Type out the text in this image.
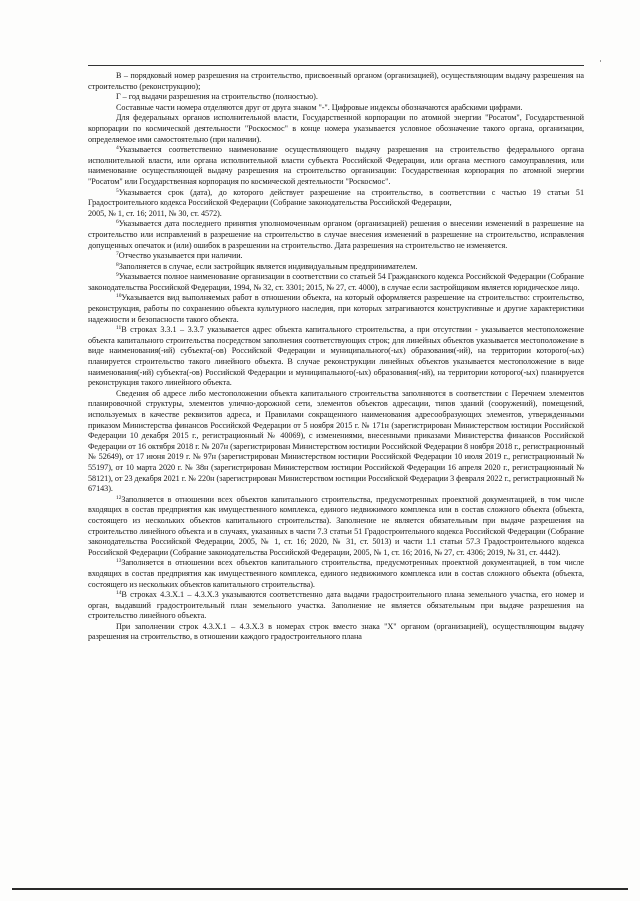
В – порядковый номер разрешения на строительство, присвоенный органом (организацией), осуществляющим выдачу разрешения на строительство (реконструкцию);

Г – год выдачи разрешения на строительство (полностью).

Составные части номера отделяются друг от друга знаком "-". Цифровые индексы обозначаются арабскими цифрами.

Для федеральных органов исполнительной власти, Государственной корпорации по атомной энергии "Росатом", Государственной корпорации по космической деятельности "Роскосмос" в конце номера указывается условное обозначение такого органа, организации, определяемое ими самостоятельно (при наличии).

$^4$Указывается соответственно наименование осуществляющего выдачу разрешения на строительство федерального органа исполнительной власти, или органа исполнительной власти субъекта Российской Федерации, или органа местного самоуправления, или наименование осуществляющей выдачу разрешения на строительство организации: Государственная корпорация по атомной энергии "Росатом" или Государственная корпорация по космической деятельности "Роскосмос".

$^5$Указывается срок (дата), до которого действует разрешение на строительство, в соответствии с частью 19 статьи 51 Градостроительного кодекса Российской Федерации (Собрание законодательства Российской Федерации,

2005, № 1, ст. 16; 2011, № 30, ст. 4572).

$^6$Указывается дата последнего принятия уполномоченным органом (организацией) решения о внесении изменений в разрешение на строительство или исправлений в разрешение на строительство в случае внесения изменений в разрешение на строительство, исправления допущенных опечаток и (или) ошибок в разрешении на строительство. Дата разрешения на строительство не изменяется.

$^7$Отчество указывается при наличии.

$^8$Заполняется в случае, если застройщик является индивидуальным предпринимателем.

$^9$Указывается полное наименование организации в соответствии со статьей 54 Гражданского кодекса Российской Федерации (Собрание законодательства Российской Федерации, 1994, № 32, ст. 3301; 2015, № 27, ст. 4000), в случае если застройщиком является юридическое лицо.

$^{10}$Указывается вид выполняемых работ в отношении объекта, на который оформляется разрешение на строительство: строительство, реконструкция, работы по сохранению объекта культурного наследия, при которых затрагиваются конструктивные и другие характеристики надежности и безопасности такого объекта.

$^{11}$В строках 3.3.1 – 3.3.7 указывается адрес объекта капитального строительства, а при отсутствии - указывается местоположение объекта капитального строительства посредством заполнения соответствующих строк; для линейных объектов указывается местоположение в виде наименования(-ий) субъекта(-ов) Российской Федерации и муниципального(-ых) образования(-ий), на территории которого(-ых) планируется строительство такого линейного объекта. В случае реконструкции линейных объектов указывается местоположение в виде наименования(-ий) субъекта(-ов) Российской Федерации и муниципального(-ых) образования(-ий), на территории которого(-ых) планируется реконструкция такого линейного объекта.

Сведения об адресе либо местоположении объекта капитального строительства заполняются в соответствии с Перечнем элементов планировочной структуры, элементов улично-дорожной сети, элементов объектов адресации, типов зданий (сооружений), помещений, используемых в качестве реквизитов адреса, и Правилами сокращенного наименования адресообразующих элементов, утвержденными приказом Министерства финансов Российской Федерации от 5 ноября 2015 г. № 171н (зарегистрирован Министерством юстиции Российской Федерации 10 декабря 2015 г., регистрационный № 40069), с изменениями, внесенными приказами Министерства финансов Российской Федерации от 16 октября 2018 г. № 207н (зарегистрирован Министерством юстиции Российской Федерации 8 ноября 2018 г., регистрационный № 52649), от 17 июня 2019 г. № 97н (зарегистрирован Министерством юстиции Российской Федерации 10 июля 2019 г., регистрационный № 55197), от 10 марта 2020 г. № 38н (зарегистрирован Министерством юстиции Российской Федерации 16 апреля 2020 г., регистрационный № 58121), от 23 декабря 2021 г. № 220н (зарегистрирован Министерством юстиции Российской Федерации 3 февраля 2022 г., регистрационный № 67143).

$^{12}$Заполняется в отношении всех объектов капитального строительства, предусмотренных проектной документацией, в том числе входящих в состав предприятия как имущественного комплекса, единого недвижимого комплекса или в состав сложного объекта (объекта, состоящего из нескольких объектов капитального строительства). Заполнение не является обязательным при выдаче разрешения на строительство линейного объекта и в случаях, указанных в части 7.3 статьи 51 Градостроительного кодекса Российской Федерации (Собрание законодательства Российской Федерации, 2005, № 1, ст. 16; 2020, № 31, ст. 5013) и части 1.1 статьи 57.3 Градостроительного кодекса Российской Федерации (Собрание законодательства Российской Федерации, 2005, № 1, ст. 16; 2016, № 27, ст. 4306; 2019, № 31, ст. 4442).

$^{13}$Заполняется в отношении всех объектов капитального строительства, предусмотренных проектной документацией, в том числе входящих в состав предприятия как имущественного комплекса, единого недвижимого комплекса или в состав сложного объекта (объекта, состоящего из нескольких объектов капитального строительства).

$^{14}$В строках 4.3.Х.1 – 4.3.Х.3 указываются соответственно дата выдачи градостроительного плана земельного участка, его номер и орган, выдавший градостроительный план земельного участка. Заполнение не является обязательным при выдаче разрешения на строительство линейного объекта.

При заполнении строк 4.3.Х.1 – 4.3.Х.3 в номерах строк вместо знака "Х" органом (организацией), осуществляющим выдачу разрешения на строительство, в отношении каждого градостроительного плана
